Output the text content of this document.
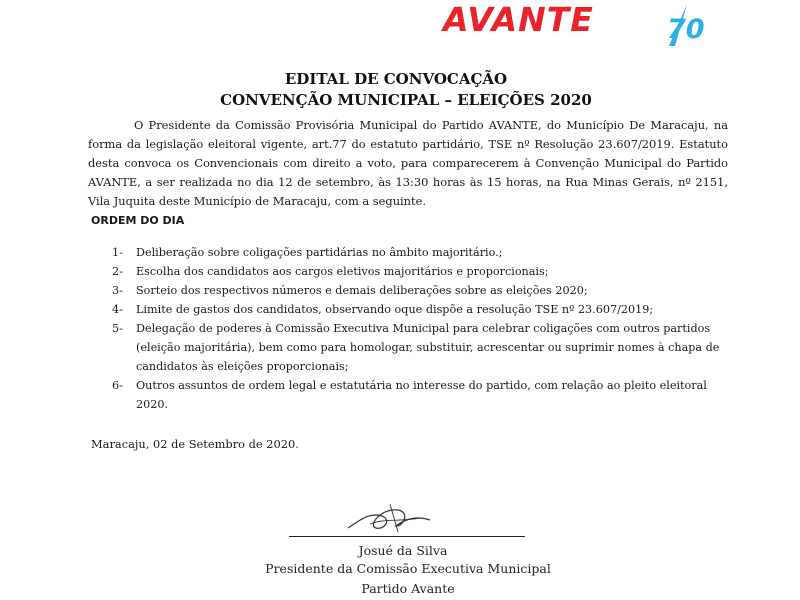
AVANTE	70
EDITAL DE CONVOCAÇÃO
CONVENÇÃO MUNICIPAL – ELEIÇÕES 2020

O Presidente da Comissão Provisória Municipal do Partido AVANTE, do Município De Maracaju, na forma da legislação eleitoral vigente, art.77 do estatuto partidário, TSE nº Resolução 23.607/2019. Estatuto desta convoca os Convencionais com direito a voto, para comparecerem à Convenção Municipal do Partido AVANTE, a ser realizada no dia 12 de setembro, às 13:30 horas às 15 horas, na Rua Minas Gerais, nº 2151, Vila Juquita deste Município de Maracaju, com a seguinte.

ORDEM DO DIA
1-	Deliberação sobre coligações partidárias no âmbito majoritário.;
2-	Escolha dos candidatos aos cargos eletivos majoritários e proporcionais;
3-	Sorteio dos respectivos números e demais deliberações sobre as eleições 2020;
4-	Limite de gastos dos candidatos, observando oque dispõe a resolução TSE nº 23.607/2019;
5-	Delegação de poderes à Comissão Executiva Municipal para celebrar coligações com outros partidos (eleição majoritária), bem como para homologar, substituir, acrescentar ou suprimir nomes à chapa de candidatos às eleições proporcionais;
6-	Outros assuntos de ordem legal e estatutária no interesse do partido, com relação ao pleito eleitoral 2020.
Maracaju, 02 de Setembro de 2020.
Josué da Silva
Presidente da Comissão Executiva Municipal
Partido Avante
